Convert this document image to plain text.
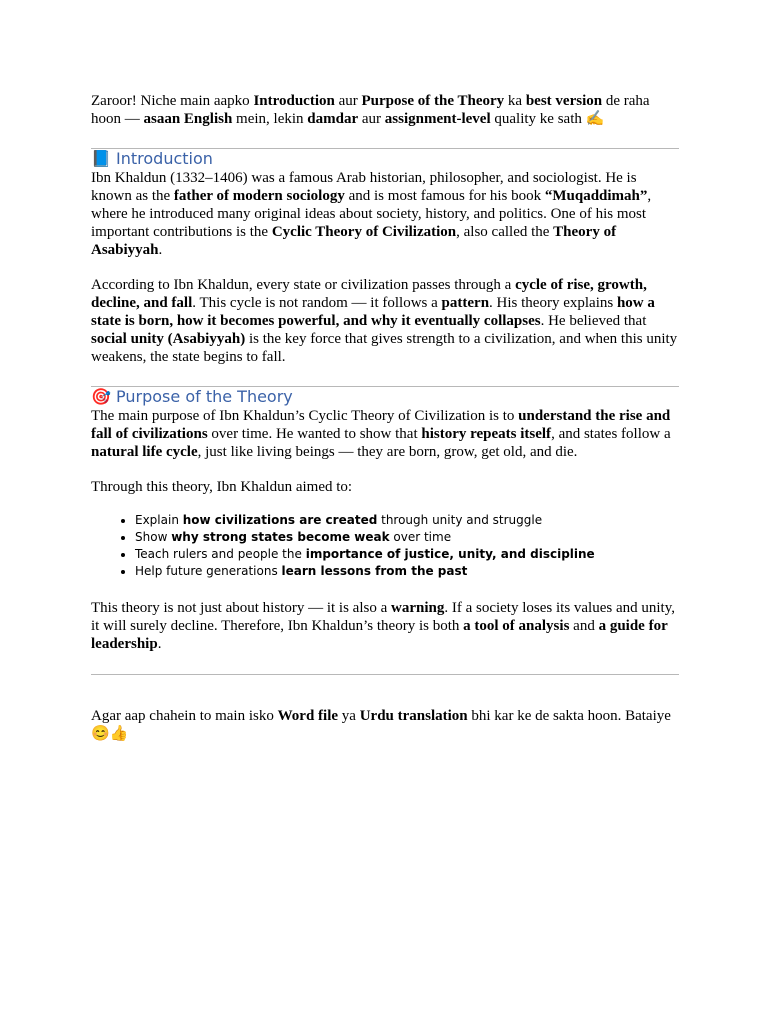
Zaroor! Niche main aapko Introduction aur Purpose of the Theory ka best version de raha hoon — asaan English mein, lekin damdar aur assignment-level quality ke sath ✍

📘 Introduction

Ibn Khaldun (1332–1406) was a famous Arab historian, philosopher, and sociologist. He is known as the father of modern sociology and is most famous for his book “Muqaddimah”, where he introduced many original ideas about society, history, and politics. One of his most important contributions is the Cyclic Theory of Civilization, also called the Theory of Asabiyyah.

According to Ibn Khaldun, every state or civilization passes through a cycle of rise, growth, decline, and fall. This cycle is not random — it follows a pattern. His theory explains how a state is born, how it becomes powerful, and why it eventually collapses. He believed that social unity (Asabiyyah) is the key force that gives strength to a civilization, and when this unity weakens, the state begins to fall.

🎯 Purpose of the Theory

The main purpose of Ibn Khaldun’s Cyclic Theory of Civilization is to understand the rise and fall of civilizations over time. He wanted to show that history repeats itself, and states follow a natural life cycle, just like living beings — they are born, grow, get old, and die.

Through this theory, Ibn Khaldun aimed to:

• Explain how civilizations are created through unity and struggle
• Show why strong states become weak over time
• Teach rulers and people the importance of justice, unity, and discipline
• Help future generations learn lessons from the past

This theory is not just about history — it is also a warning. If a society loses its values and unity, it will surely decline. Therefore, Ibn Khaldun’s theory is both a tool of analysis and a guide for leadership.

Agar aap chahein to main isko Word file ya Urdu translation bhi kar ke de sakta hoon. Bataiye 😊👍
